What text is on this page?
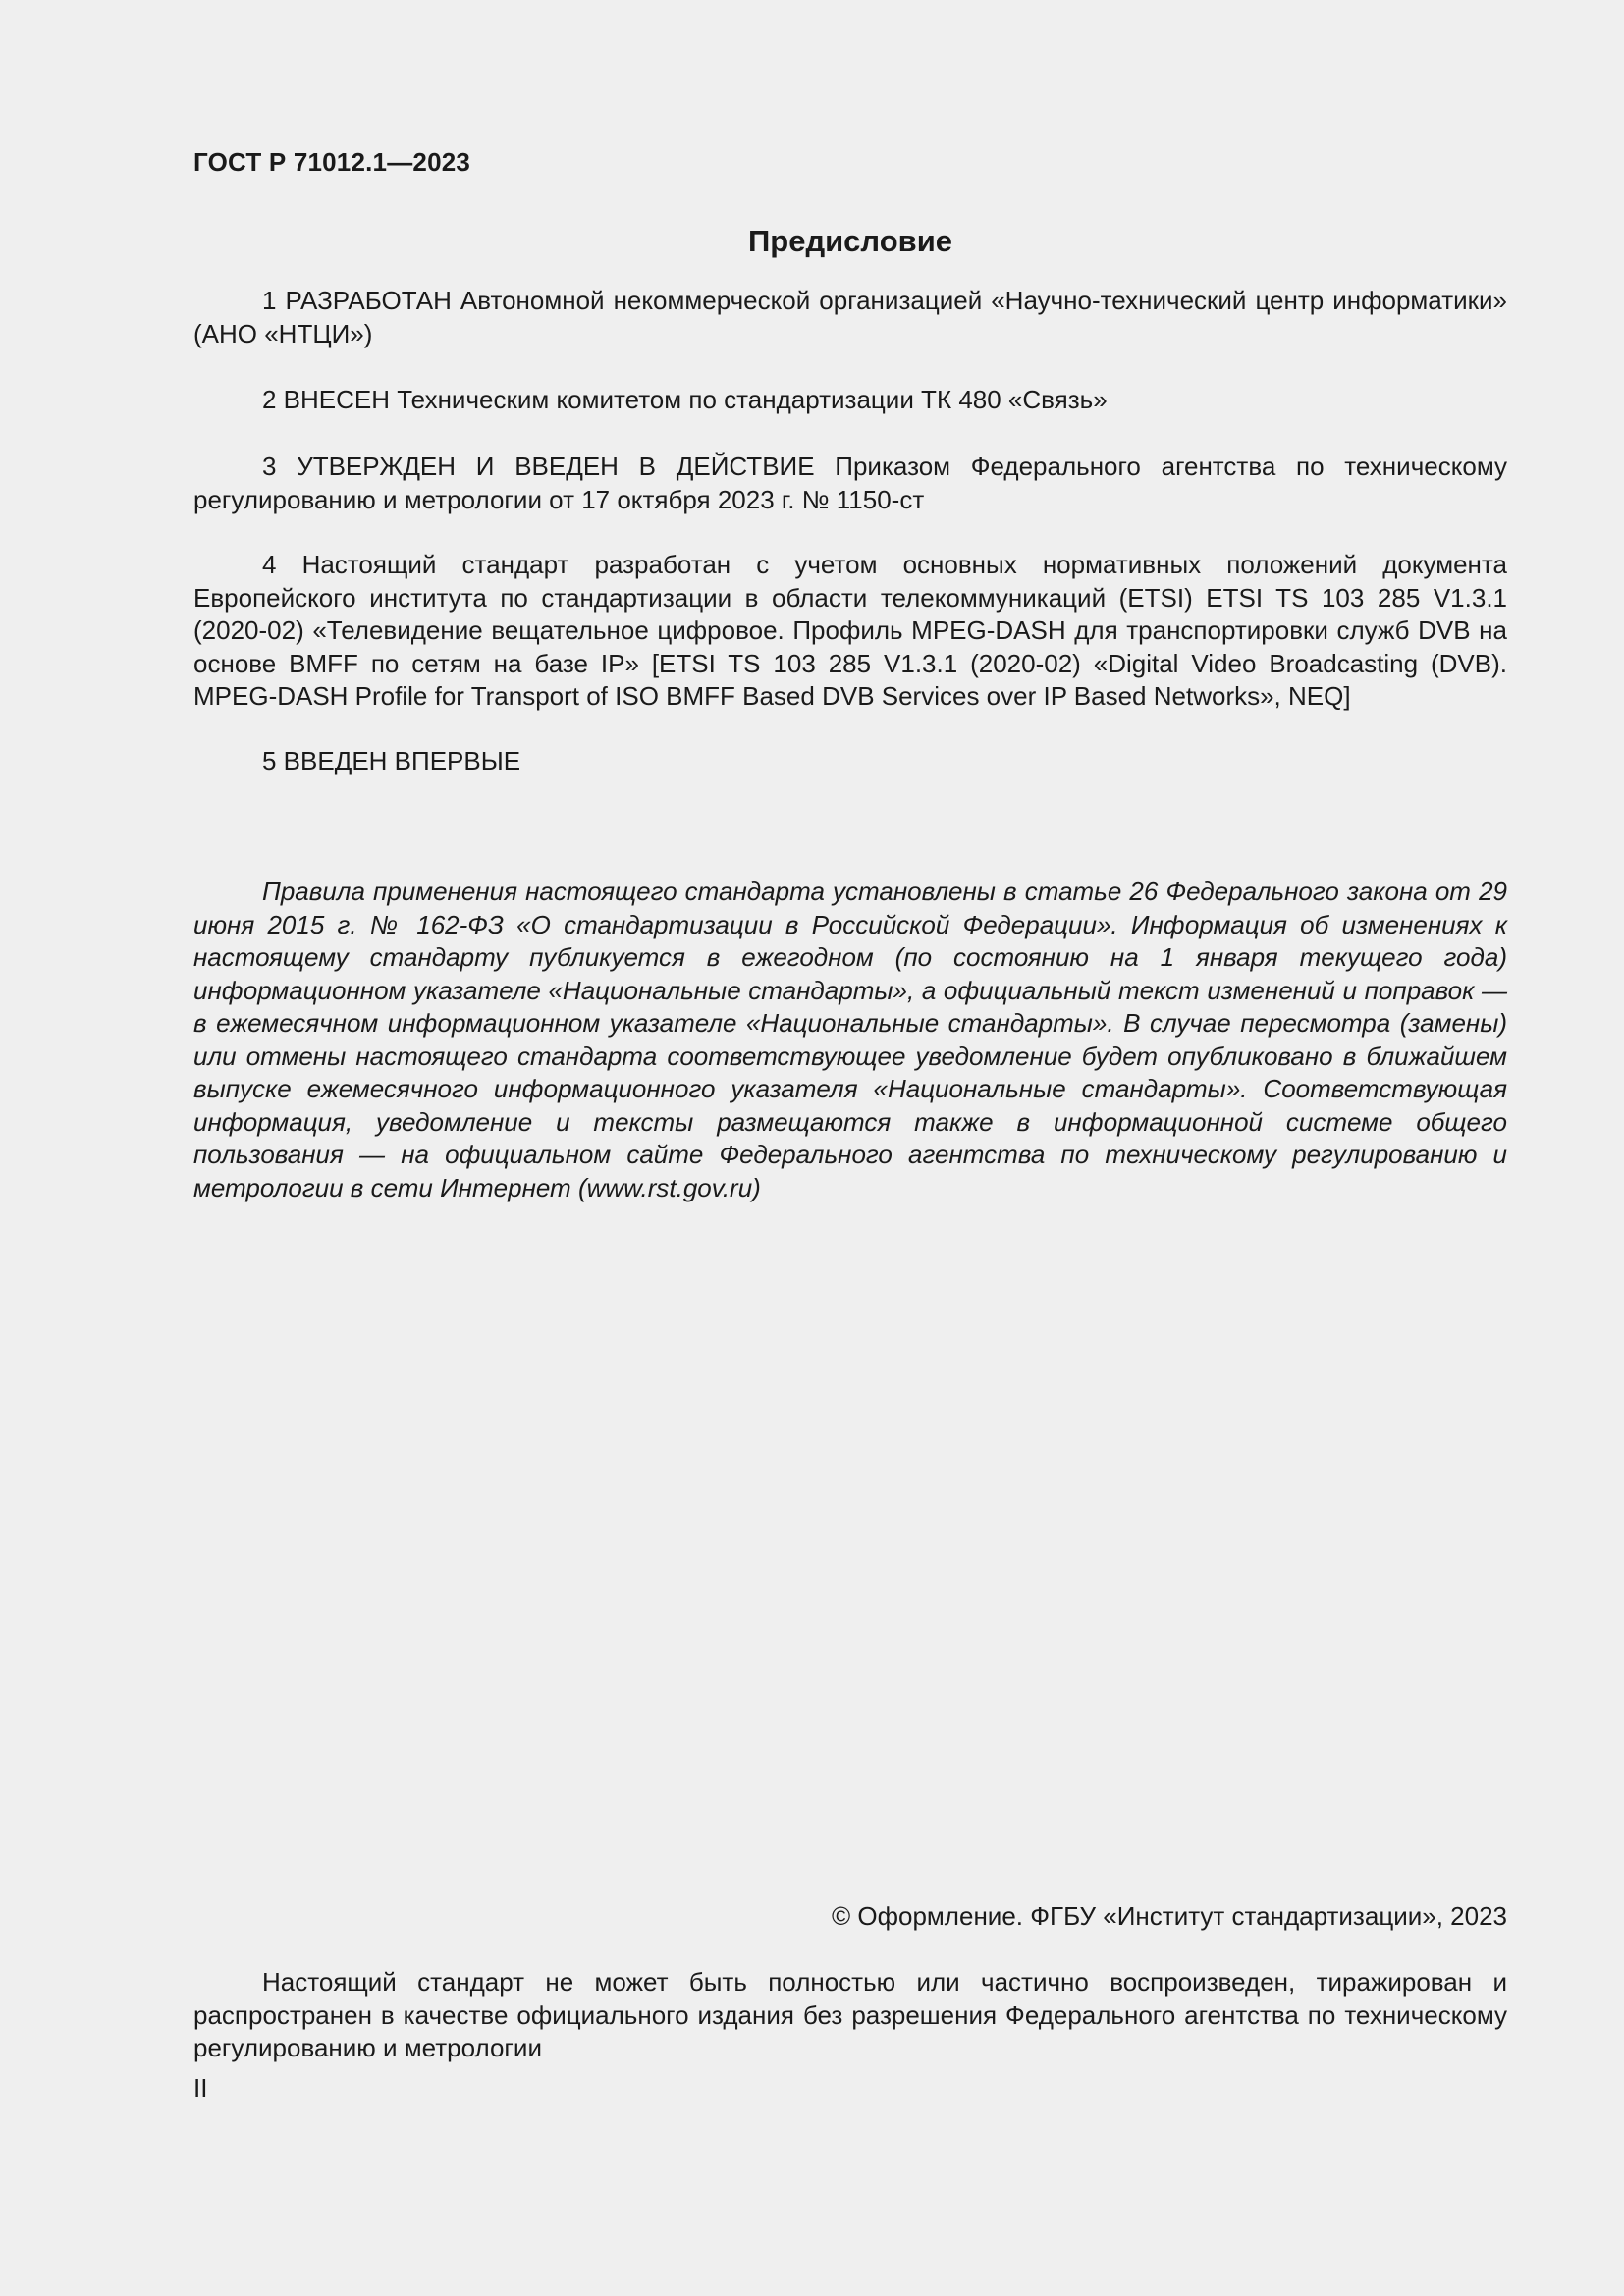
ГОСТ Р 71012.1—2023
Предисловие

1 РАЗРАБОТАН Автономной некоммерческой организацией «Научно-технический центр информатики» (АНО «НТЦИ»)

2 ВНЕСЕН Техническим комитетом по стандартизации ТК 480 «Связь»

3 УТВЕРЖДЕН И ВВЕДЕН В ДЕЙСТВИЕ Приказом Федерального агентства по техническому регулированию и метрологии от 17 октября 2023 г. № 1150-ст

4 Настоящий стандарт разработан с учетом основных нормативных положений документа Европейского института по стандартизации в области телекоммуникаций (ETSI) ETSI TS 103 285 V1.3.1 (2020-02) «Телевидение вещательное цифровое. Профиль MPEG-DASH для транспортировки служб DVB на основе BMFF по сетям на базе IP» [ETSI TS 103 285 V1.3.1 (2020-02) «Digital Video Broadcasting (DVB). MPEG-DASH Profile for Transport of ISO BMFF Based DVB Services over IP Based Networks», NEQ]

5 ВВЕДЕН ВПЕРВЫЕ

Правила применения настоящего стандарта установлены в статье 26 Федерального закона от 29 июня 2015 г. № 162-ФЗ «О стандартизации в Российской Федерации». Информация об изменениях к настоящему стандарту публикуется в ежегодном (по состоянию на 1 января текущего года) информационном указателе «Национальные стандарты», а официальный текст изменений и поправок — в ежемесячном информационном указателе «Национальные стандарты». В случае пересмотра (замены) или отмены настоящего стандарта соответствующее уведомление будет опубликовано в ближайшем выпуске ежемесячного информационного указателя «Национальные стандарты». Соответствующая информация, уведомление и тексты размещаются также в информационной системе общего пользования — на официальном сайте Федерального агентства по техническому регулированию и метрологии в сети Интернет (www.rst.gov.ru)

© Оформление. ФГБУ «Институт стандартизации», 2023

Настоящий стандарт не может быть полностью или частично воспроизведен, тиражирован и распространен в качестве официального издания без разрешения Федерального агентства по техническому регулированию и метрологии

II
